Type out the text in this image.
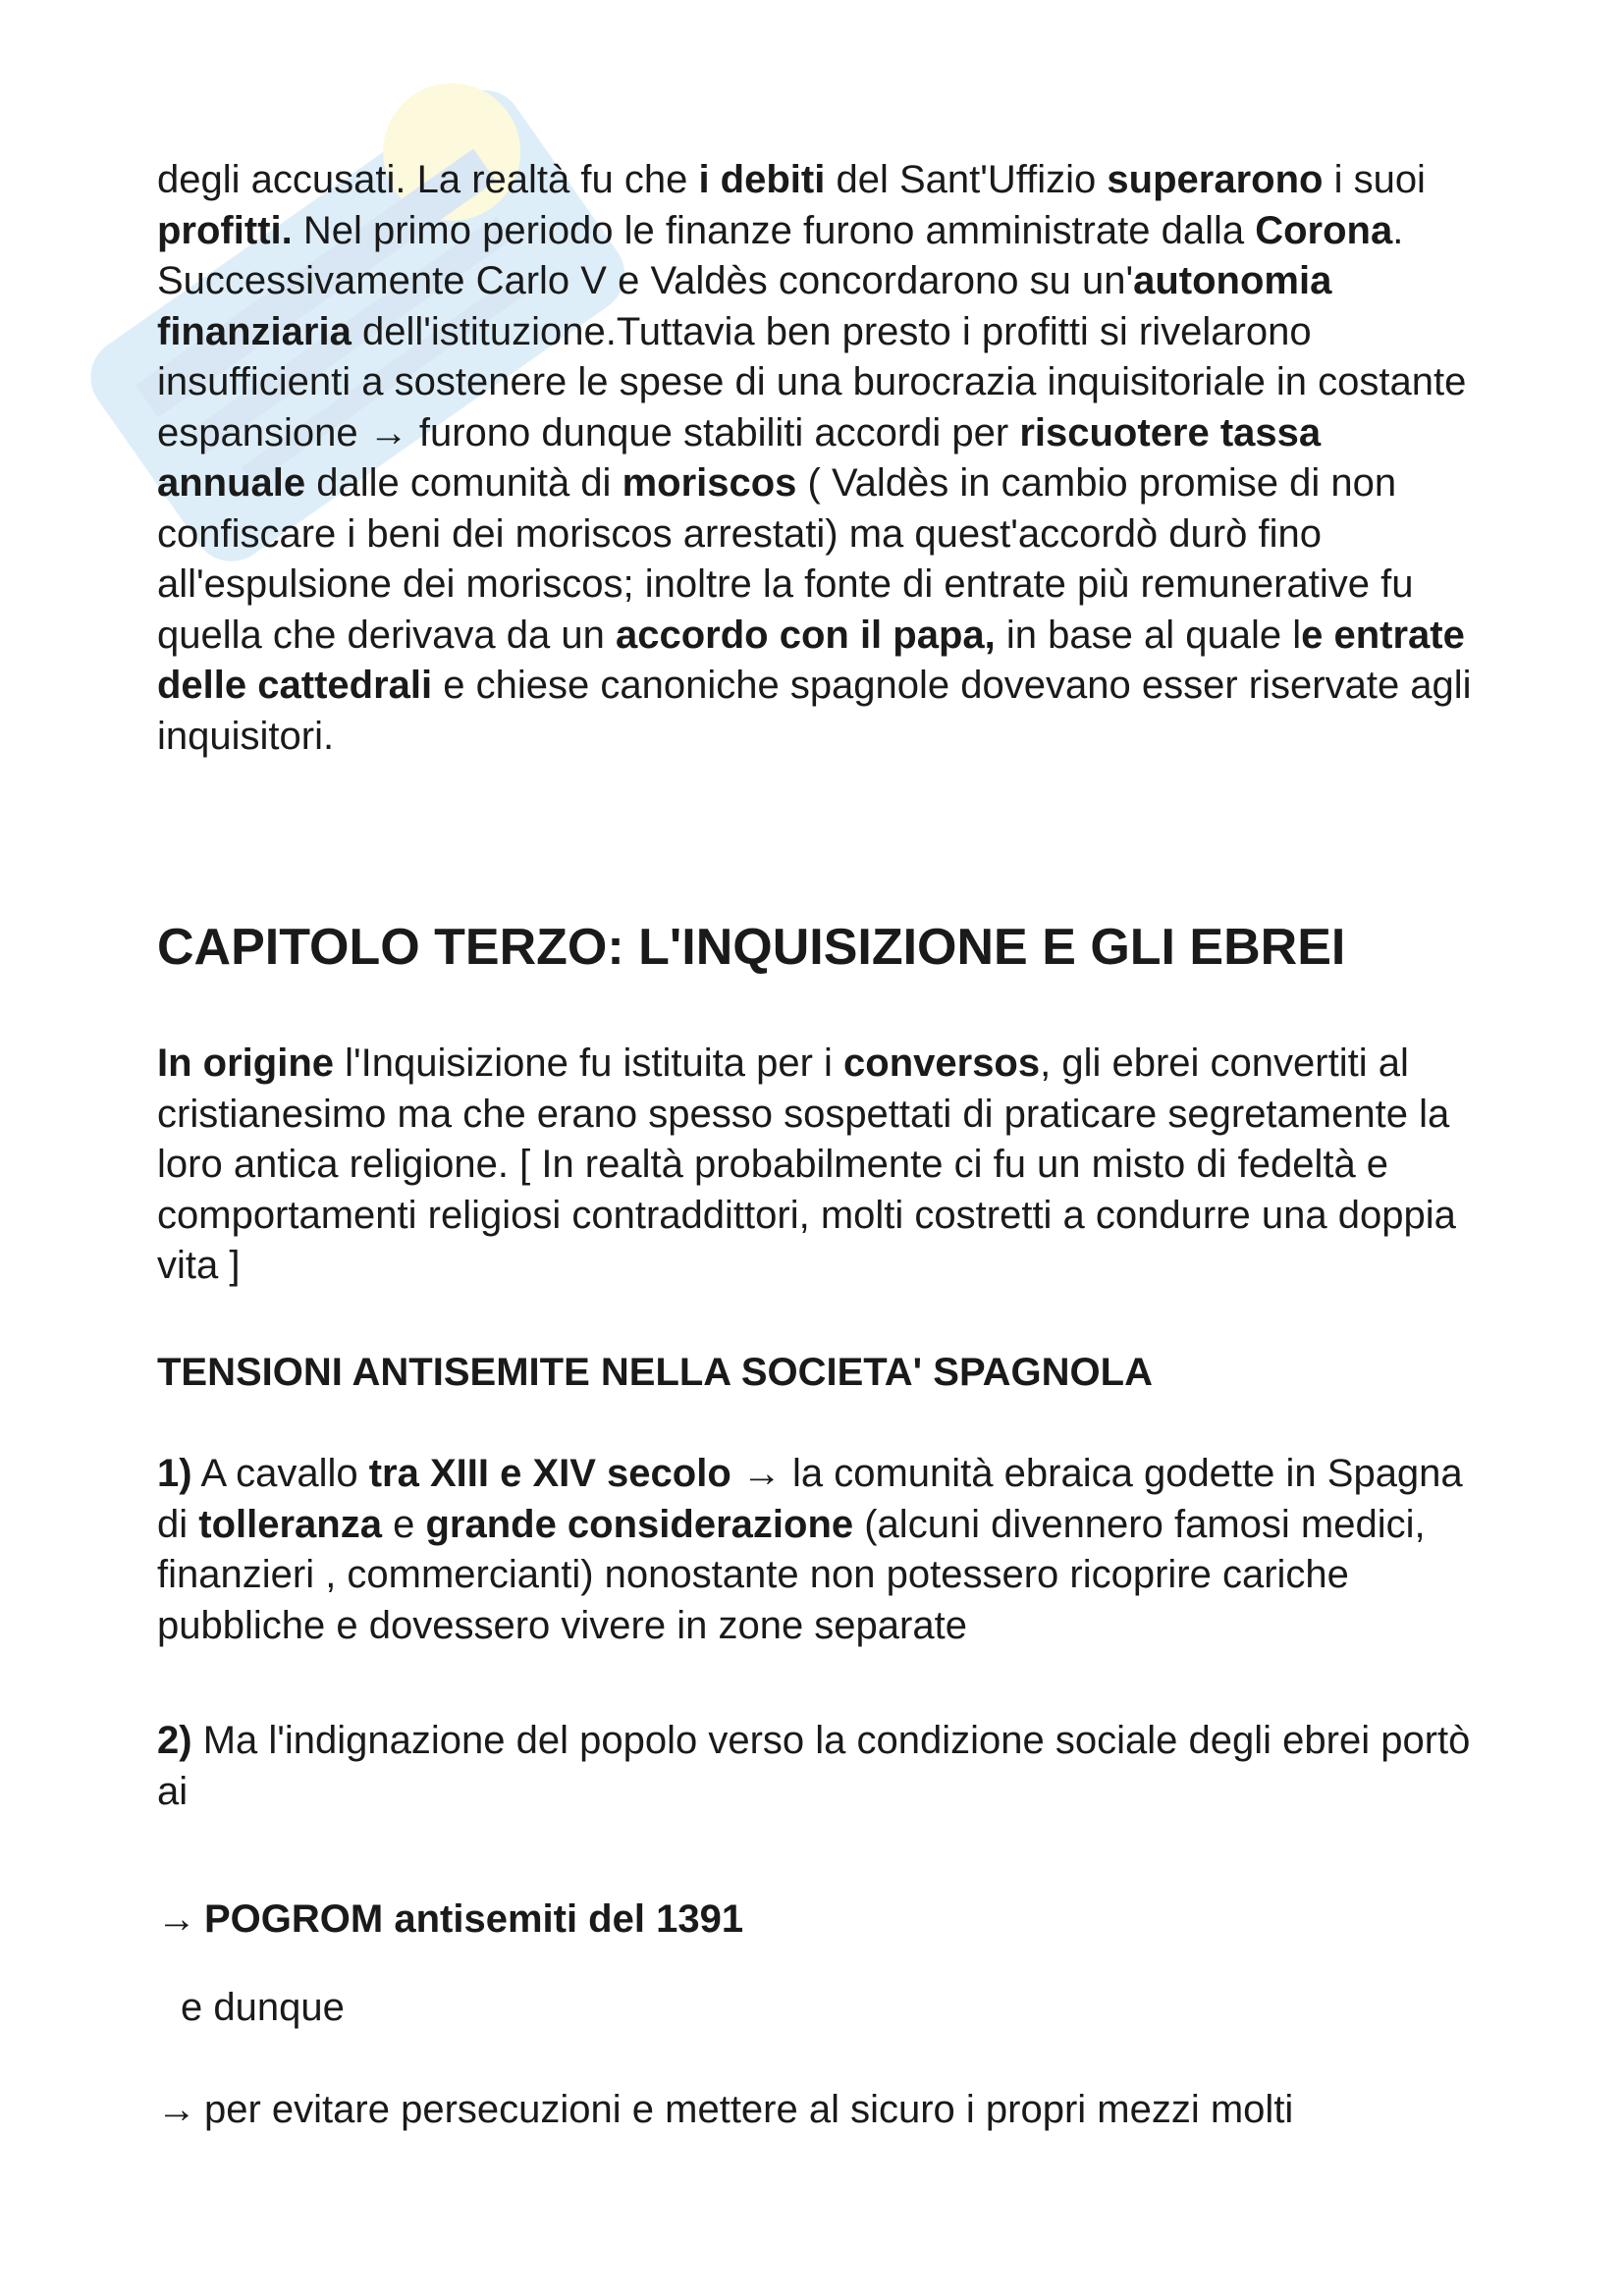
degli accusati. La realtà fu che i debiti del Sant'Uffizio superarono i suoi profitti. Nel primo periodo le finanze furono amministrate dalla Corona. Successivamente Carlo V e Valdès concordarono su un'autonomia finanziaria dell'istituzione.Tuttavia ben presto i profitti si rivelarono insufficienti a sostenere le spese di una burocrazia inquisitoriale in costante espansione → furono dunque stabiliti accordi per riscuotere tassa annuale dalle comunità di moriscos ( Valdès in cambio promise di non confiscare i beni dei moriscos arrestati) ma quest'accordò durò fino all'espulsione dei moriscos; inoltre la fonte di entrate più remunerative fu quella che derivava da un accordo con il papa, in base al quale le entrate delle cattedrali e chiese canoniche spagnole dovevano esser riservate agli inquisitori.

CAPITOLO TERZO: L'INQUISIZIONE E GLI EBREI

In origine l'Inquisizione fu istituita per i conversos, gli ebrei convertiti al cristianesimo ma che erano spesso sospettati di praticare segretamente la loro antica religione. [ In realtà probabilmente ci fu un misto di fedeltà e comportamenti religiosi contraddittori, molti costretti a condurre una doppia vita ]

TENSIONI ANTISEMITE NELLA SOCIETA' SPAGNOLA

1) A cavallo tra XIII e XIV secolo → la comunità ebraica godette in Spagna di tolleranza e grande considerazione (alcuni divennero famosi medici, finanzieri , commercianti) nonostante non potessero ricoprire cariche pubbliche e dovessero vivere in zone separate

2) Ma l'indignazione del popolo verso la condizione sociale degli ebrei portò ai

→ POGROM antisemiti del 1391

e dunque

→ per evitare persecuzioni e mettere al sicuro i propri mezzi molti
